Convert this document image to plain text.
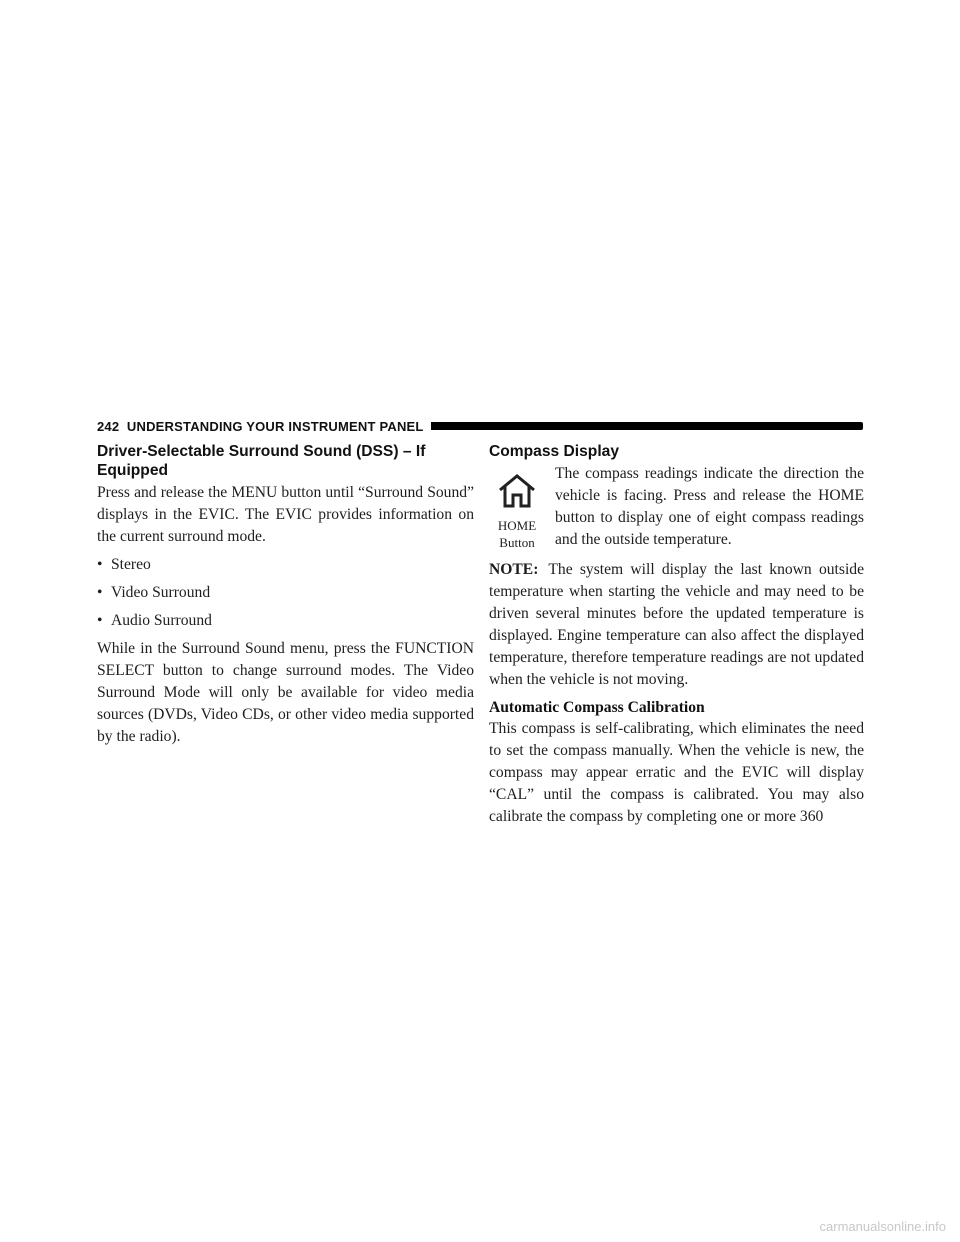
242 UNDERSTANDING YOUR INSTRUMENT PANEL
Driver-Selectable Surround Sound (DSS) – If Equipped

Press and release the MENU button until “Surround Sound” displays in the EVIC. The EVIC provides information on the current surround mode.

• Stereo
• Video Surround
• Audio Surround

While in the Surround Sound menu, press the FUNCTION SELECT button to change surround modes. The Video Surround Mode will only be available for video media sources (DVDs, Video CDs, or other video media supported by the radio).

Compass Display
HOME
Button

The compass readings indicate the direction the vehicle is facing. Press and release the HOME button to display one of eight compass readings and the outside temperature.

NOTE: The system will display the last known outside temperature when starting the vehicle and may need to be driven several minutes before the updated temperature is displayed. Engine temperature can also affect the displayed temperature, therefore temperature readings are not updated when the vehicle is not moving.

Automatic Compass Calibration

This compass is self-calibrating, which eliminates the need to set the compass manually. When the vehicle is new, the compass may appear erratic and the EVIC will display “CAL” until the compass is calibrated. You may also calibrate the compass by completing one or more 360

carmanualsonline.info
